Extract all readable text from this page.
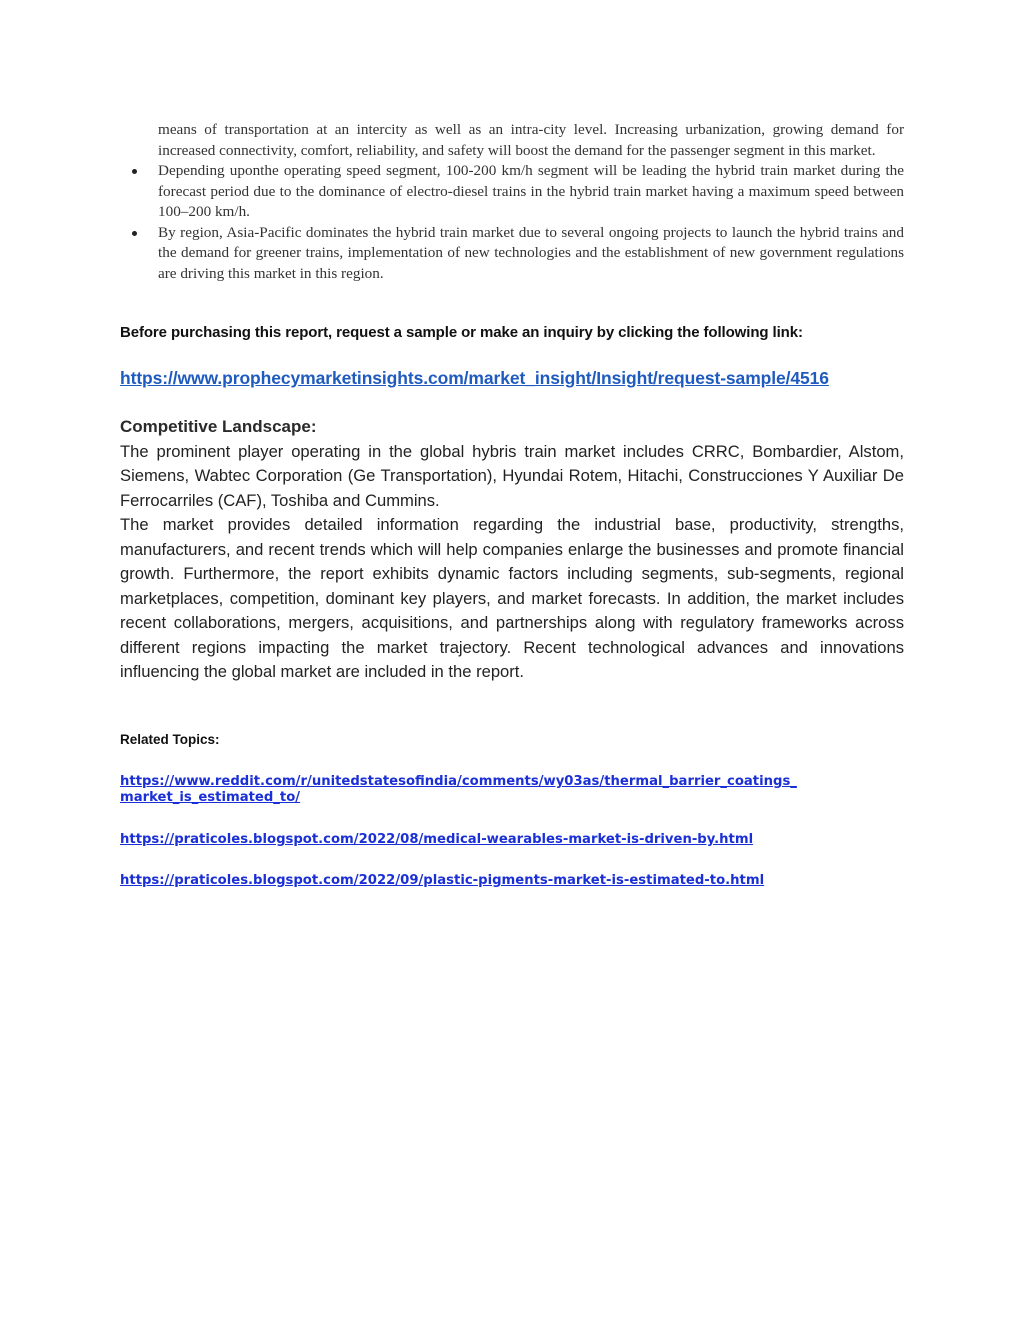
means of transportation at an intercity as well as an intra-city level. Increasing urbanization, growing demand for increased connectivity, comfort, reliability, and safety will boost the demand for the passenger segment in this market.

Depending uponthe operating speed segment, 100-200 km/h segment will be leading the hybrid train market during the forecast period due to the dominance of electro-diesel trains in the hybrid train market having a maximum speed between 100–200 km/h.

By region, Asia-Pacific dominates the hybrid train market due to several ongoing projects to launch the hybrid trains and the demand for greener trains, implementation of new technologies and the establishment of new government regulations are driving this market in this region.

Before purchasing this report, request a sample or make an inquiry by clicking the following link:
https://www.prophecymarketinsights.com/market_insight/Insight/request-sample/4516
Competitive Landscape:

The prominent player operating in the global hybris train market includes CRRC, Bombardier, Alstom, Siemens, Wabtec Corporation (Ge Transportation), Hyundai Rotem, Hitachi, Construcciones Y Auxiliar De Ferrocarriles (CAF), Toshiba and Cummins.

The market provides detailed information regarding the industrial base, productivity, strengths, manufacturers, and recent trends which will help companies enlarge the businesses and promote financial growth. Furthermore, the report exhibits dynamic factors including segments, sub-segments, regional marketplaces, competition, dominant key players, and market forecasts. In addition, the market includes recent collaborations, mergers, acquisitions, and partnerships along with regulatory frameworks across different regions impacting the market trajectory. Recent technological advances and innovations influencing the global market are included in the report.

Related Topics:
https://www.reddit.com/r/unitedstatesofindia/comments/wy03as/thermal_barrier_coatings_ market_is_estimated_to/
https://praticoles.blogspot.com/2022/08/medical-wearables-market-is-driven-by.html
https://praticoles.blogspot.com/2022/09/plastic-pigments-market-is-estimated-to.html
